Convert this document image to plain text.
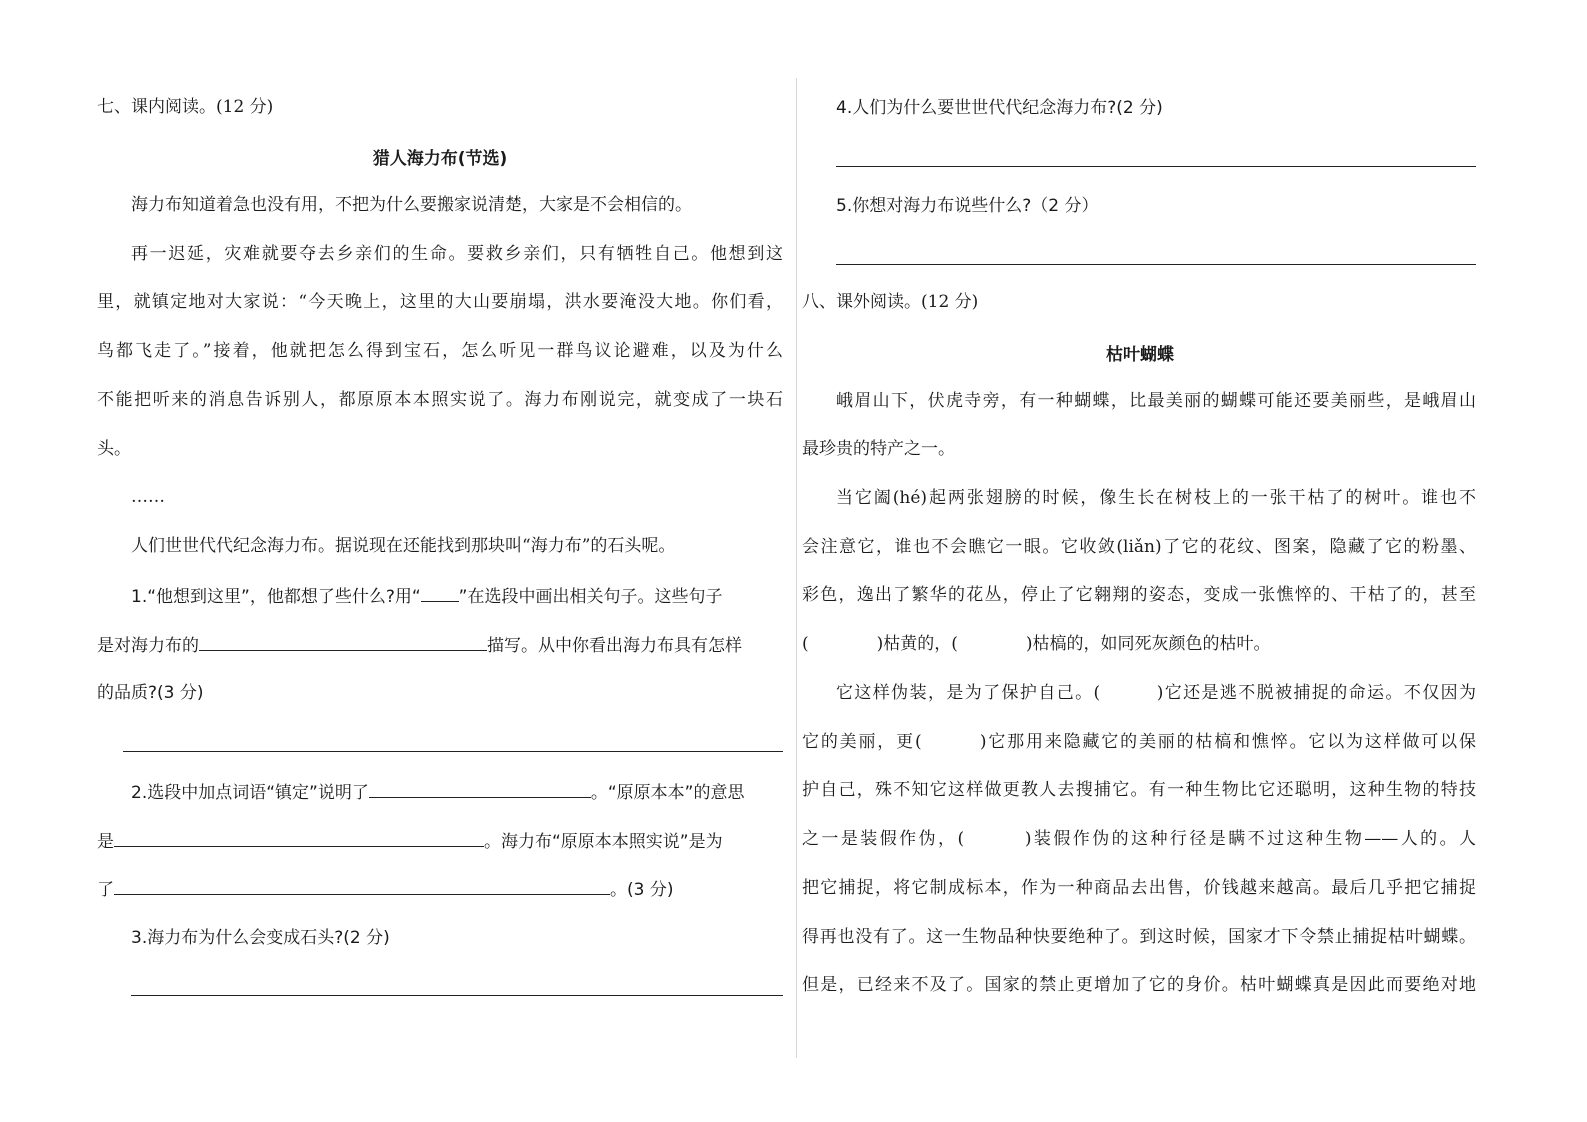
七、课内阅读。(12 分)
猎人海力布(节选)
海力布知道着急也没有用，不把为什么要搬家说清楚，大家是不会相信的。
再一迟延，灾难就要夺去乡亲们的生命。要救乡亲们，只有牺牲自己。他想到这
里，就镇定地对大家说：“今天晚上，这里的大山要崩塌，洪水要淹没大地。你们看，
鸟都飞走了。”接着，他就把怎么得到宝石，怎么听见一群鸟议论避难，以及为什么
不能把听来的消息告诉别人，都原原本本照实说了。海力布刚说完，就变成了一块石
头。
……
人们世世代代纪念海力布。据说现在还能找到那块叫“海力布”的石头呢。
1.“他想到这里”，他都想了些什么?用“ ”在选段中画出相关句子。这些句子
是对海力布的	描写。从中你看出海力布具有怎样
的品质?(3 分)
2.选段中加点词语“镇定”说明了	。“原原本本”的意思
是	。海力布“原原本本照实说”是为
了	。(3 分)
3.海力布为什么会变成石头?(2 分)
4.人们为什么要世世代代纪念海力布?(2 分)
5.你想对海力布说些什么?（2 分）
八、课外阅读。(12 分)
枯叶蝴蝶
峨眉山下，伏虎寺旁，有一种蝴蝶，比最美丽的蝴蝶可能还要美丽些，是峨眉山
最珍贵的特产之一。
当它阖(hé)起两张翅膀的时候，像生长在树枝上的一张干枯了的树叶。谁也不
会注意它，谁也不会瞧它一眼。它收敛(liǎn)了它的花纹、图案，隐藏了它的粉墨、
彩色，逸出了繁华的花丛，停止了它翱翔的姿态，变成一张憔悴的、干枯了的，甚至
(　　　　)枯黄的，(　　　　)枯槁的，如同死灰颜色的枯叶。
它这样伪装，是为了保护自己。(　　　)它还是逃不脱被捕捉的命运。不仅因为
它的美丽，更(　　　)它那用来隐藏它的美丽的枯槁和憔悴。它以为这样做可以保
护自己，殊不知它这样做更教人去搜捕它。有一种生物比它还聪明，这种生物的特技
之一是装假作伪，(　　　)装假作伪的这种行径是瞒不过这种生物——人的。人
把它捕捉，将它制成标本，作为一种商品去出售，价钱越来越高。最后几乎把它捕捉
得再也没有了。这一生物品种快要绝种了。到这时候，国家才下令禁止捕捉枯叶蝴蝶。
但是，已经来不及了。国家的禁止更增加了它的身价。枯叶蝴蝶真是因此而要绝对地
